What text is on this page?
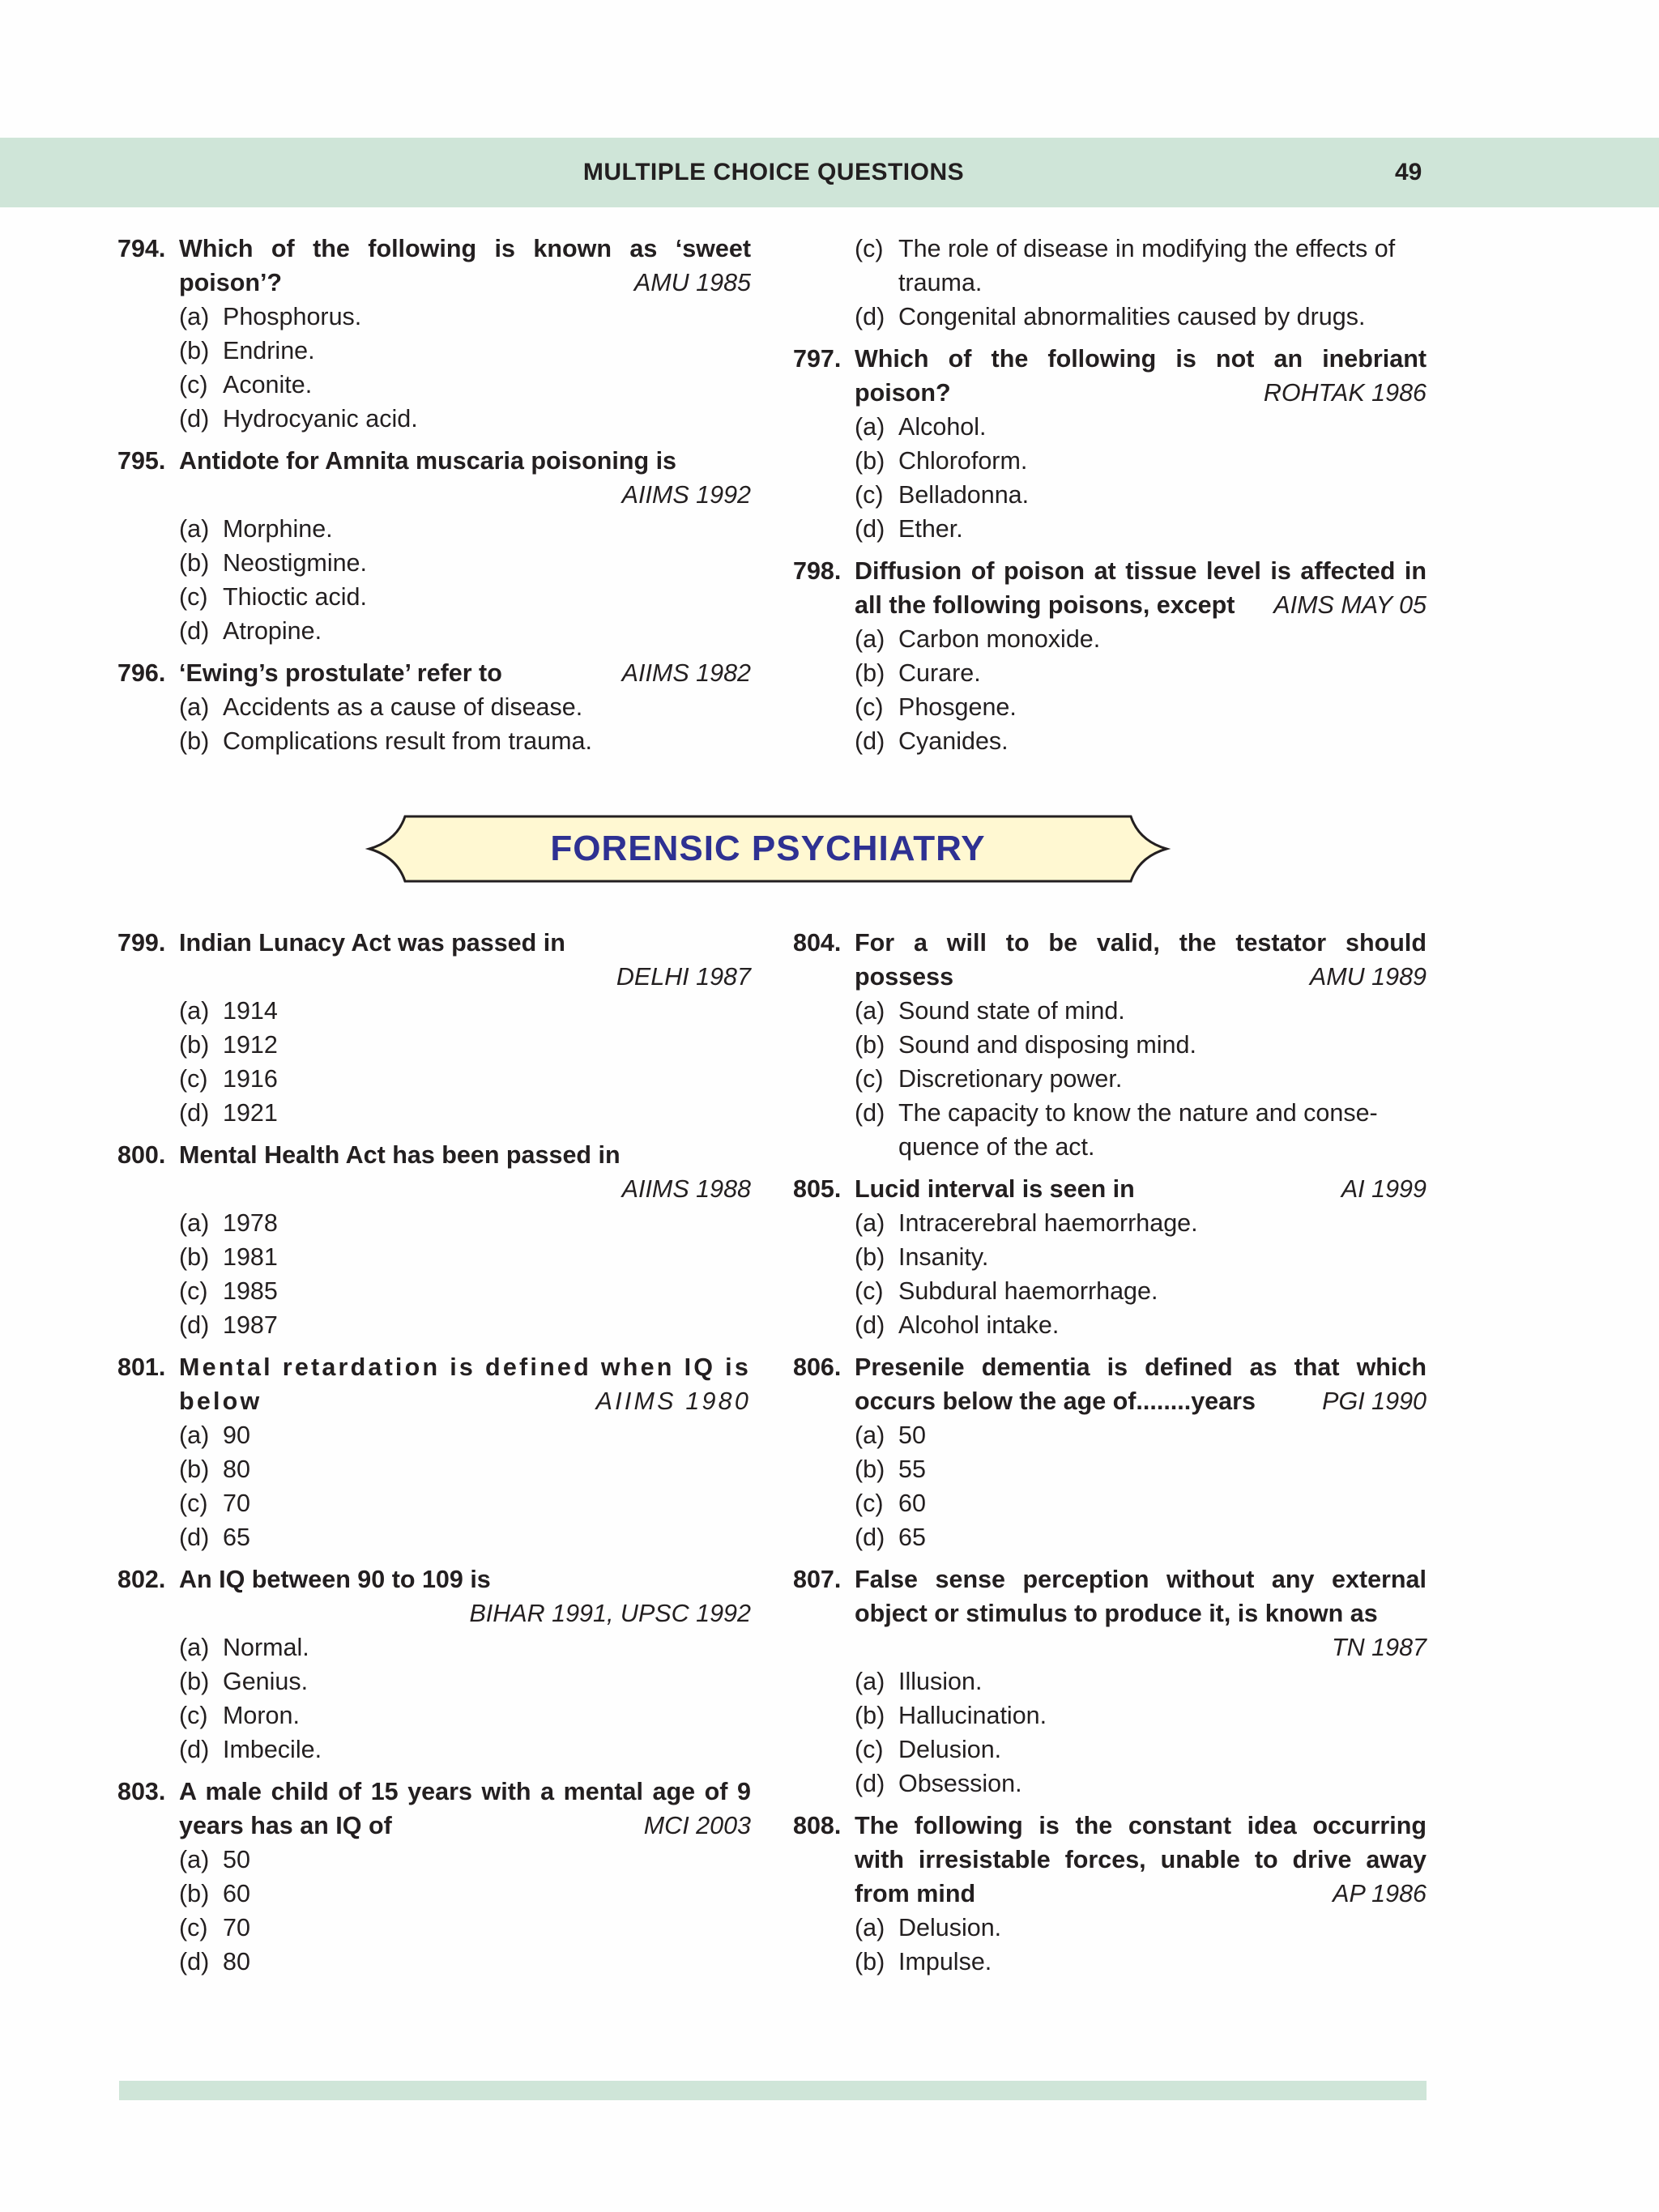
MULTIPLE CHOICE QUESTIONS	49
794. Which of the following is known as ‘sweet poison’?	AMU 1985
(a) Phosphorus.
(b) Endrine.
(c) Aconite.
(d) Hydrocyanic acid.
795. Antidote for Amnita muscaria poisoning is
AIIMS 1992
(a) Morphine.
(b) Neostigmine.
(c) Thioctic acid.
(d) Atropine.
796. ‘Ewing’s prostulate’ refer to	AIIMS 1982
(a) Accidents as a cause of disease.
(b) Complications result from trauma.
(c) The role of disease in modifying the effects of trauma.
(d) Congenital abnormalities caused by drugs.
797. Which of the following is not an inebriant poison?	ROHTAK 1986
(a) Alcohol.
(b) Chloroform.
(c) Belladonna.
(d) Ether.
798. Diffusion of poison at tissue level is affected in all the following poisons, except AIMS MAY 05
(a) Carbon monoxide.
(b) Curare.
(c) Phosgene.
(d) Cyanides.
FORENSIC PSYCHIATRY
799. Indian Lunacy Act was passed in
DELHI 1987
(a) 1914
(b) 1912
(c) 1916
(d) 1921
800. Mental Health Act has been passed in
AIIMS 1988
(a) 1978
(b) 1981
(c) 1985
(d) 1987
801. Mental retardation is defined when IQ is below	AIIMS 1980
(a) 90
(b) 80
(c) 70
(d) 65
802. An IQ between 90 to 109 is
BIHAR 1991, UPSC 1992
(a) Normal.
(b) Genius.
(c) Moron.
(d) Imbecile.
803. A male child of 15 years with a mental age of 9 years has an IQ of	MCI 2003
(a) 50
(b) 60
(c) 70
(d) 80
804. For a will to be valid, the testator should possess	AMU 1989
(a) Sound state of mind.
(b) Sound and disposing mind.
(c) Discretionary power.
(d) The capacity to know the nature and conse-quence of the act.
805. Lucid interval is seen in	AI 1999
(a) Intracerebral haemorrhage.
(b) Insanity.
(c) Subdural haemorrhage.
(d) Alcohol intake.
806. Presenile dementia is defined as that which occurs below the age of........years	PGI 1990
(a) 50
(b) 55
(c) 60
(d) 65
807. False sense perception without any external object or stimulus to produce it, is known as
TN 1987
(a) Illusion.
(b) Hallucination.
(c) Delusion.
(d) Obsession.
808. The following is the constant idea occurring with irresistable forces, unable to drive away from mind	AP 1986
(a) Delusion.
(b) Impulse.
